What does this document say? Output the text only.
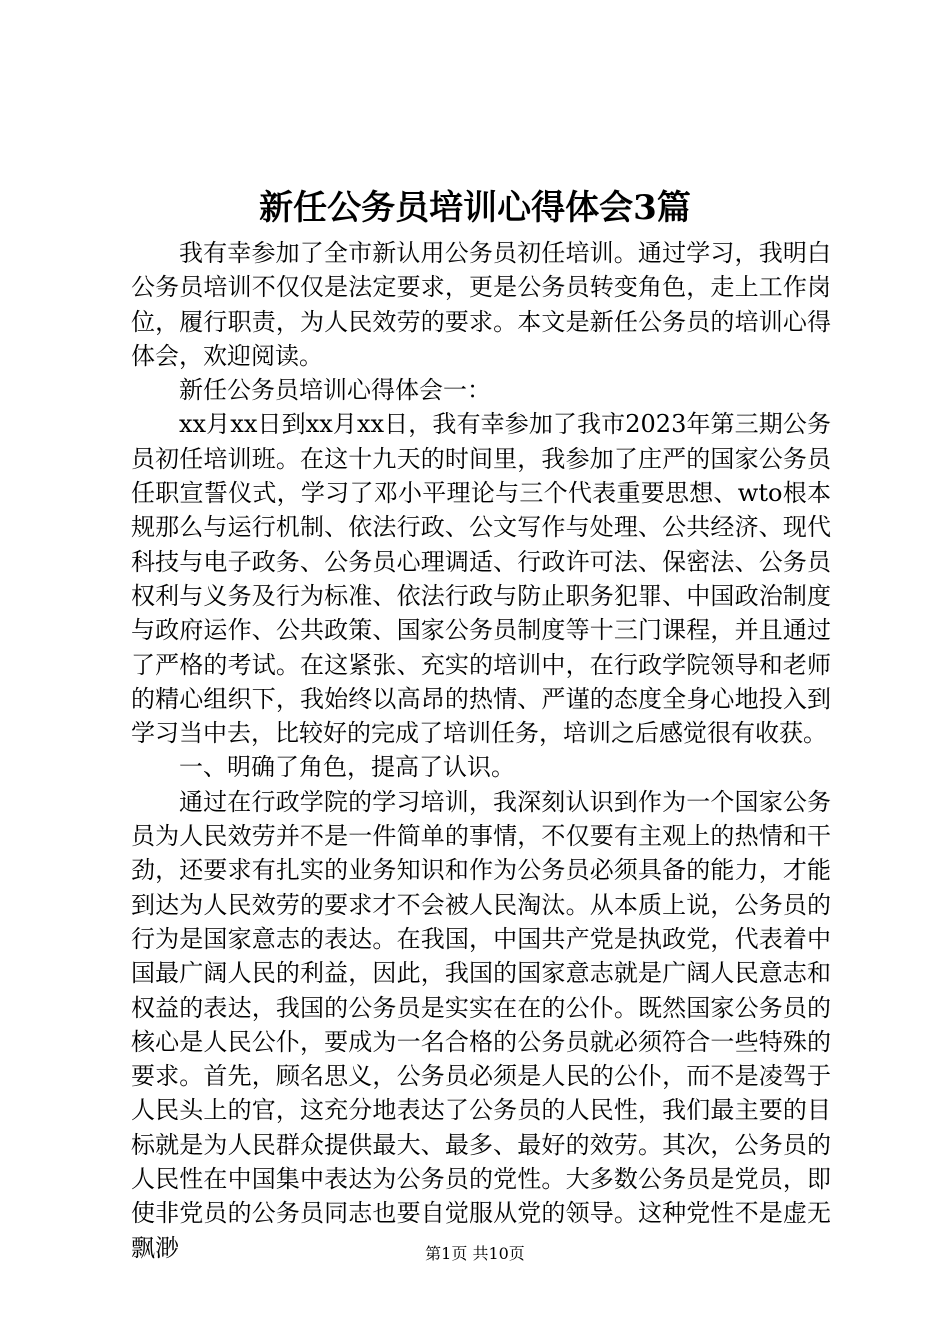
新任公务员培训心得体会3篇

我有幸参加了全市新认用公务员初任培训。通过学习，我明白公务员培训不仅仅是法定要求，更是公务员转变角色，走上工作岗位，履行职责，为人民效劳的要求。本文是新任公务员的培训心得体会，欢迎阅读。

新任公务员培训心得体会一：

xx月xx日到xx月xx日，我有幸参加了我市2023年第三期公务员初任培训班。在这十九天的时间里，我参加了庄严的国家公务员任职宣誓仪式，学习了邓小平理论与三个代表重要思想、wto根本规那么与运行机制、依法行政、公文写作与处理、公共经济、现代科技与电子政务、公务员心理调适、行政许可法、保密法、公务员权利与义务及行为标准、依法行政与防止职务犯罪、中国政治制度与政府运作、公共政策、国家公务员制度等十三门课程，并且通过了严格的考试。在这紧张、充实的培训中，在行政学院领导和老师的精心组织下，我始终以高昂的热情、严谨的态度全身心地投入到学习当中去，比较好的完成了培训任务，培训之后感觉很有收获。

一、明确了角色，提高了认识。

通过在行政学院的学习培训，我深刻认识到作为一个国家公务员为人民效劳并不是一件简单的事情，不仅要有主观上的热情和干劲，还要求有扎实的业务知识和作为公务员必须具备的能力，才能到达为人民效劳的要求才不会被人民淘汰。从本质上说，公务员的行为是国家意志的表达。在我国，中国共产党是执政党，代表着中国最广阔人民的利益，因此，我国的国家意志就是广阔人民意志和权益的表达，我国的公务员是实实在在的公仆。既然国家公务员的核心是人民公仆，要成为一名合格的公务员就必须符合一些特殊的要求。首先，顾名思义，公务员必须是人民的公仆，而不是凌驾于人民头上的官，这充分地表达了公务员的人民性，我们最主要的目标就是为人民群众提供最大、最多、最好的效劳。其次，公务员的人民性在中国集中表达为公务员的党性。大多数公务员是党员，即使非党员的公务员同志也要自觉服从党的领导。这种党性不是虚无飘渺	第1页 共10页
